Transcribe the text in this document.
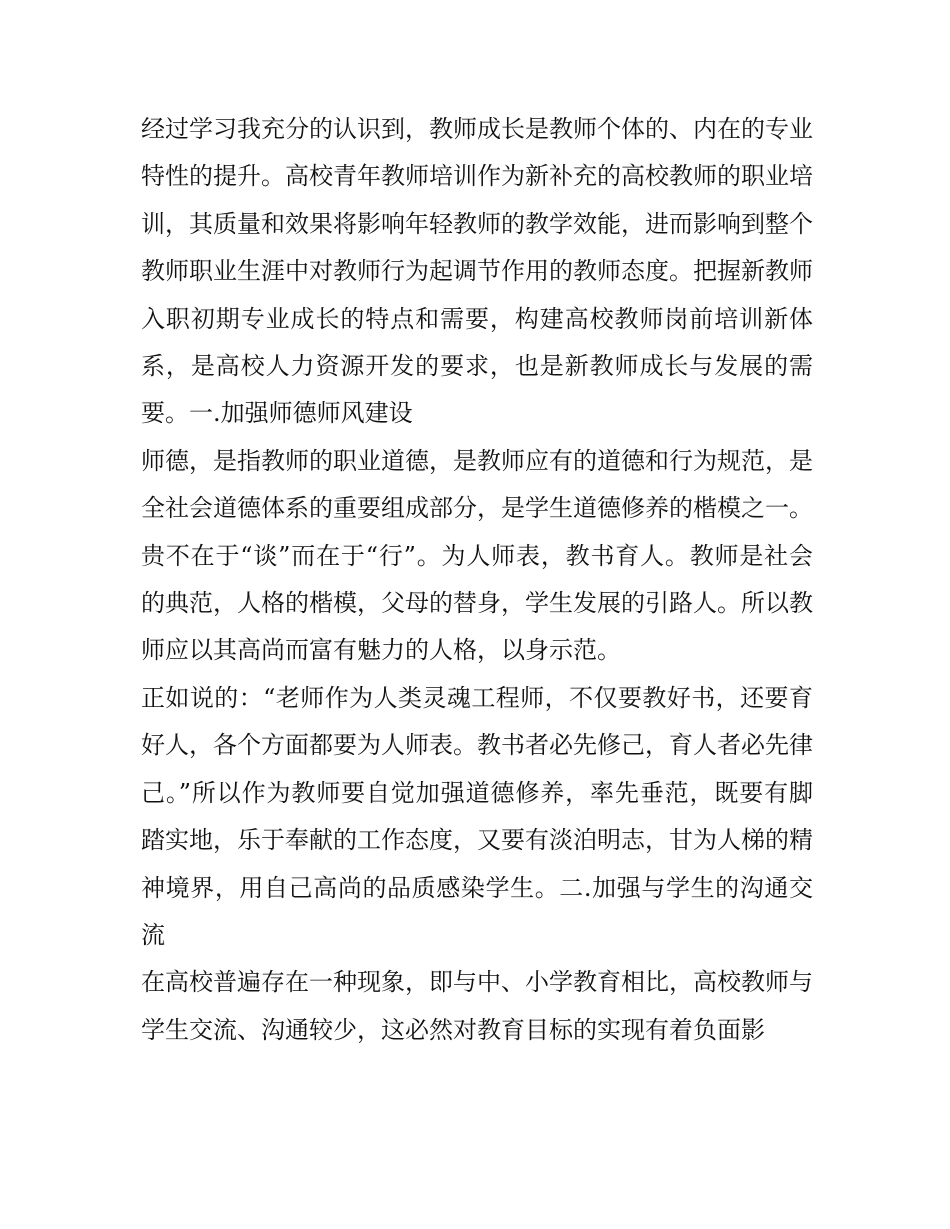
经过学习我充分的认识到，教师成长是教师个体的、内在的专业特性的提升。高校青年教师培训作为新补充的高校教师的职业培训，其质量和效果将影响年轻教师的教学效能，进而影响到整个教师职业生涯中对教师行为起调节作用的教师态度。把握新教师入职初期专业成长的特点和需要，构建高校教师岗前培训新体系，是高校人力资源开发的要求，也是新教师成长与发展的需要。一.加强师德师风建设

师德，是指教师的职业道德，是教师应有的道德和行为规范，是全社会道德体系的重要组成部分，是学生道德修养的楷模之一。贵不在于“谈”而在于“行”。为人师表，教书育人。教师是社会的典范，人格的楷模，父母的替身，学生发展的引路人。所以教师应以其高尚而富有魅力的人格，以身示范。

正如说的：“老师作为人类灵魂工程师，不仅要教好书，还要育好人，各个方面都要为人师表。教书者必先修己，育人者必先律己。”所以作为教师要自觉加强道德修养，率先垂范，既要有脚踏实地，乐于奉献的工作态度，又要有淡泊明志，甘为人梯的精神境界，用自己高尚的品质感染学生。二.加强与学生的沟通交流

在高校普遍存在一种现象，即与中、小学教育相比，高校教师与学生交流、沟通较少，这必然对教育目标的实现有着负面影
